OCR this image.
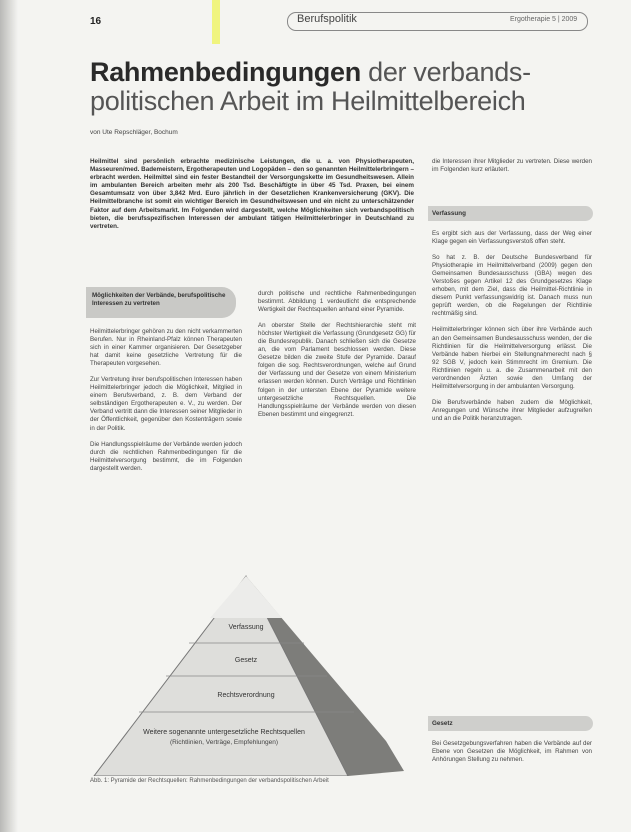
16	Berufspolitik	Ergotherapie 5 | 2009
Rahmenbedingungen der verbands-
politischen Arbeit im Heilmittelbereich
von Ute Repschläger, Bochum
Heilmittel sind persönlich erbrachte medizinische Leistungen, die u. a. von Physiotherapeuten, Masseuren/med. Bademeistern, Ergotherapeuten und Logopäden – den so genannten Heilmittelerbringern – erbracht werden. Heilmittel sind ein fester Bestandteil der Versorgungskette im Gesundheitswesen. Allein im ambulanten Bereich arbeiten mehr als 200 Tsd. Beschäftigte in über 45 Tsd. Praxen, bei einem Gesamtumsatz von über 3,842 Mrd. Euro jährlich in der Gesetzlichen Krankenversicherung (GKV). Die Heilmittelbranche ist somit ein wichtiger Bereich im Gesundheitswesen und ein nicht zu unterschätzender Faktor auf dem Arbeitsmarkt. Im Folgenden wird dargestellt, welche Möglichkeiten sich verbandspolitisch bieten, die berufsspezifischen Interessen der ambulant tätigen Heilmittelerbringer in Deutschland zu vertreten.
Möglichkeiten der Verbände, berufspolitische Interessen zu vertreten

Heilmittelerbringer gehören zu den nicht verkammerten Berufen. Nur in Rheinland-Pfalz können Therapeuten sich in einer Kammer organisieren. Der Gesetzgeber hat damit keine gesetzliche Vertretung für die Therapeuten vorgesehen.

Zur Vertretung ihrer berufspolitischen Interessen haben Heilmittelerbringer jedoch die Möglichkeit, Mitglied in einem Berufsverband, z. B. dem Verband der selbständigen Ergotherapeuten e. V., zu werden. Der Verband vertritt dann die Interessen seiner Mitglieder in der Öffentlichkeit, gegenüber den Kostenträgern sowie in der Politik.

Die Handlungsspielräume der Verbände werden jedoch durch die rechtlichen Rahmenbedingungen für die Heilmittelversorgung bestimmt, die im Folgenden dargestellt werden.

durch politische und rechtliche Rahmenbedingungen bestimmt. Abbildung 1 verdeutlicht die entsprechende Wertigkeit der Rechtsquellen anhand einer Pyramide.

An oberster Stelle der Rechtshierarchie steht mit höchster Wertigkeit die Verfassung (Grundgesetz GG) für die Bundesrepublik. Danach schließen sich die Gesetze an, die vom Parlament beschlossen werden. Diese Gesetze bilden die zweite Stufe der Pyramide. Darauf folgen die sog. Rechtsverordnungen, welche auf Grund der Verfassung und der Gesetze von einem Ministerium erlassen werden können. Durch Verträge und Richtlinien folgen in der untersten Ebene der Pyramide weitere untergesetzliche Rechtsquellen. Die Handlungsspielräume der Verbände werden von diesen Ebenen bestimmt und eingegrenzt.

die Interessen ihrer Mitglieder zu vertreten. Diese werden im Folgenden kurz erläutert.
Verfassung

Es ergibt sich aus der Verfassung, dass der Weg einer Klage gegen ein Verfassungsverstoß offen steht.

So hat z. B. der Deutsche Bundesverband für Physiotherapie im Heilmittelverband (2009) gegen den Gemeinsamen Bundesausschuss (GBA) wegen des Verstoßes gegen Artikel 12 des Grundgesetzes Klage erhoben, mit dem Ziel, dass die Heilmittel-Richtlinie in diesem Punkt verfassungswidrig ist. Danach muss nun geprüft werden, ob die Regelungen der Richtlinie rechtmäßig sind.

Heilmittelerbringer können sich über ihre Verbände auch an den Gemeinsamen Bundesausschuss wenden, der die Richtlinien für die Heilmittelversorgung erlässt. Die Verbände haben hierbei ein Stellungnahmerecht nach § 92 SGB V, jedoch kein Stimmrecht im Gremium. Die Richtlinien regeln u. a. die Zusammenarbeit mit den verordnenden Ärzten sowie den Umfang der Heilmittelversorgung in der ambulanten Versorgung.

Die Berufsverbände haben zudem die Möglichkeit, Anregungen und Wünsche ihrer Mitglieder aufzugreifen und an die Politik heranzutragen.

Gesetz
Bei Gesetzgebungsverfahren haben die Verbände auf der Ebene von Gesetzen die Möglichkeit, im Rahmen von Anhörungen Stellung zu nehmen.
Verfassung
Gesetz
Rechtsverordnung
Weitere sogenannte untergesetzliche Rechtsquellen
(Richtlinien, Verträge, Empfehlungen)
Abb. 1: Pyramide der Rechtsquellen: Rahmenbedingungen der verbandspolitischen Arbeit
